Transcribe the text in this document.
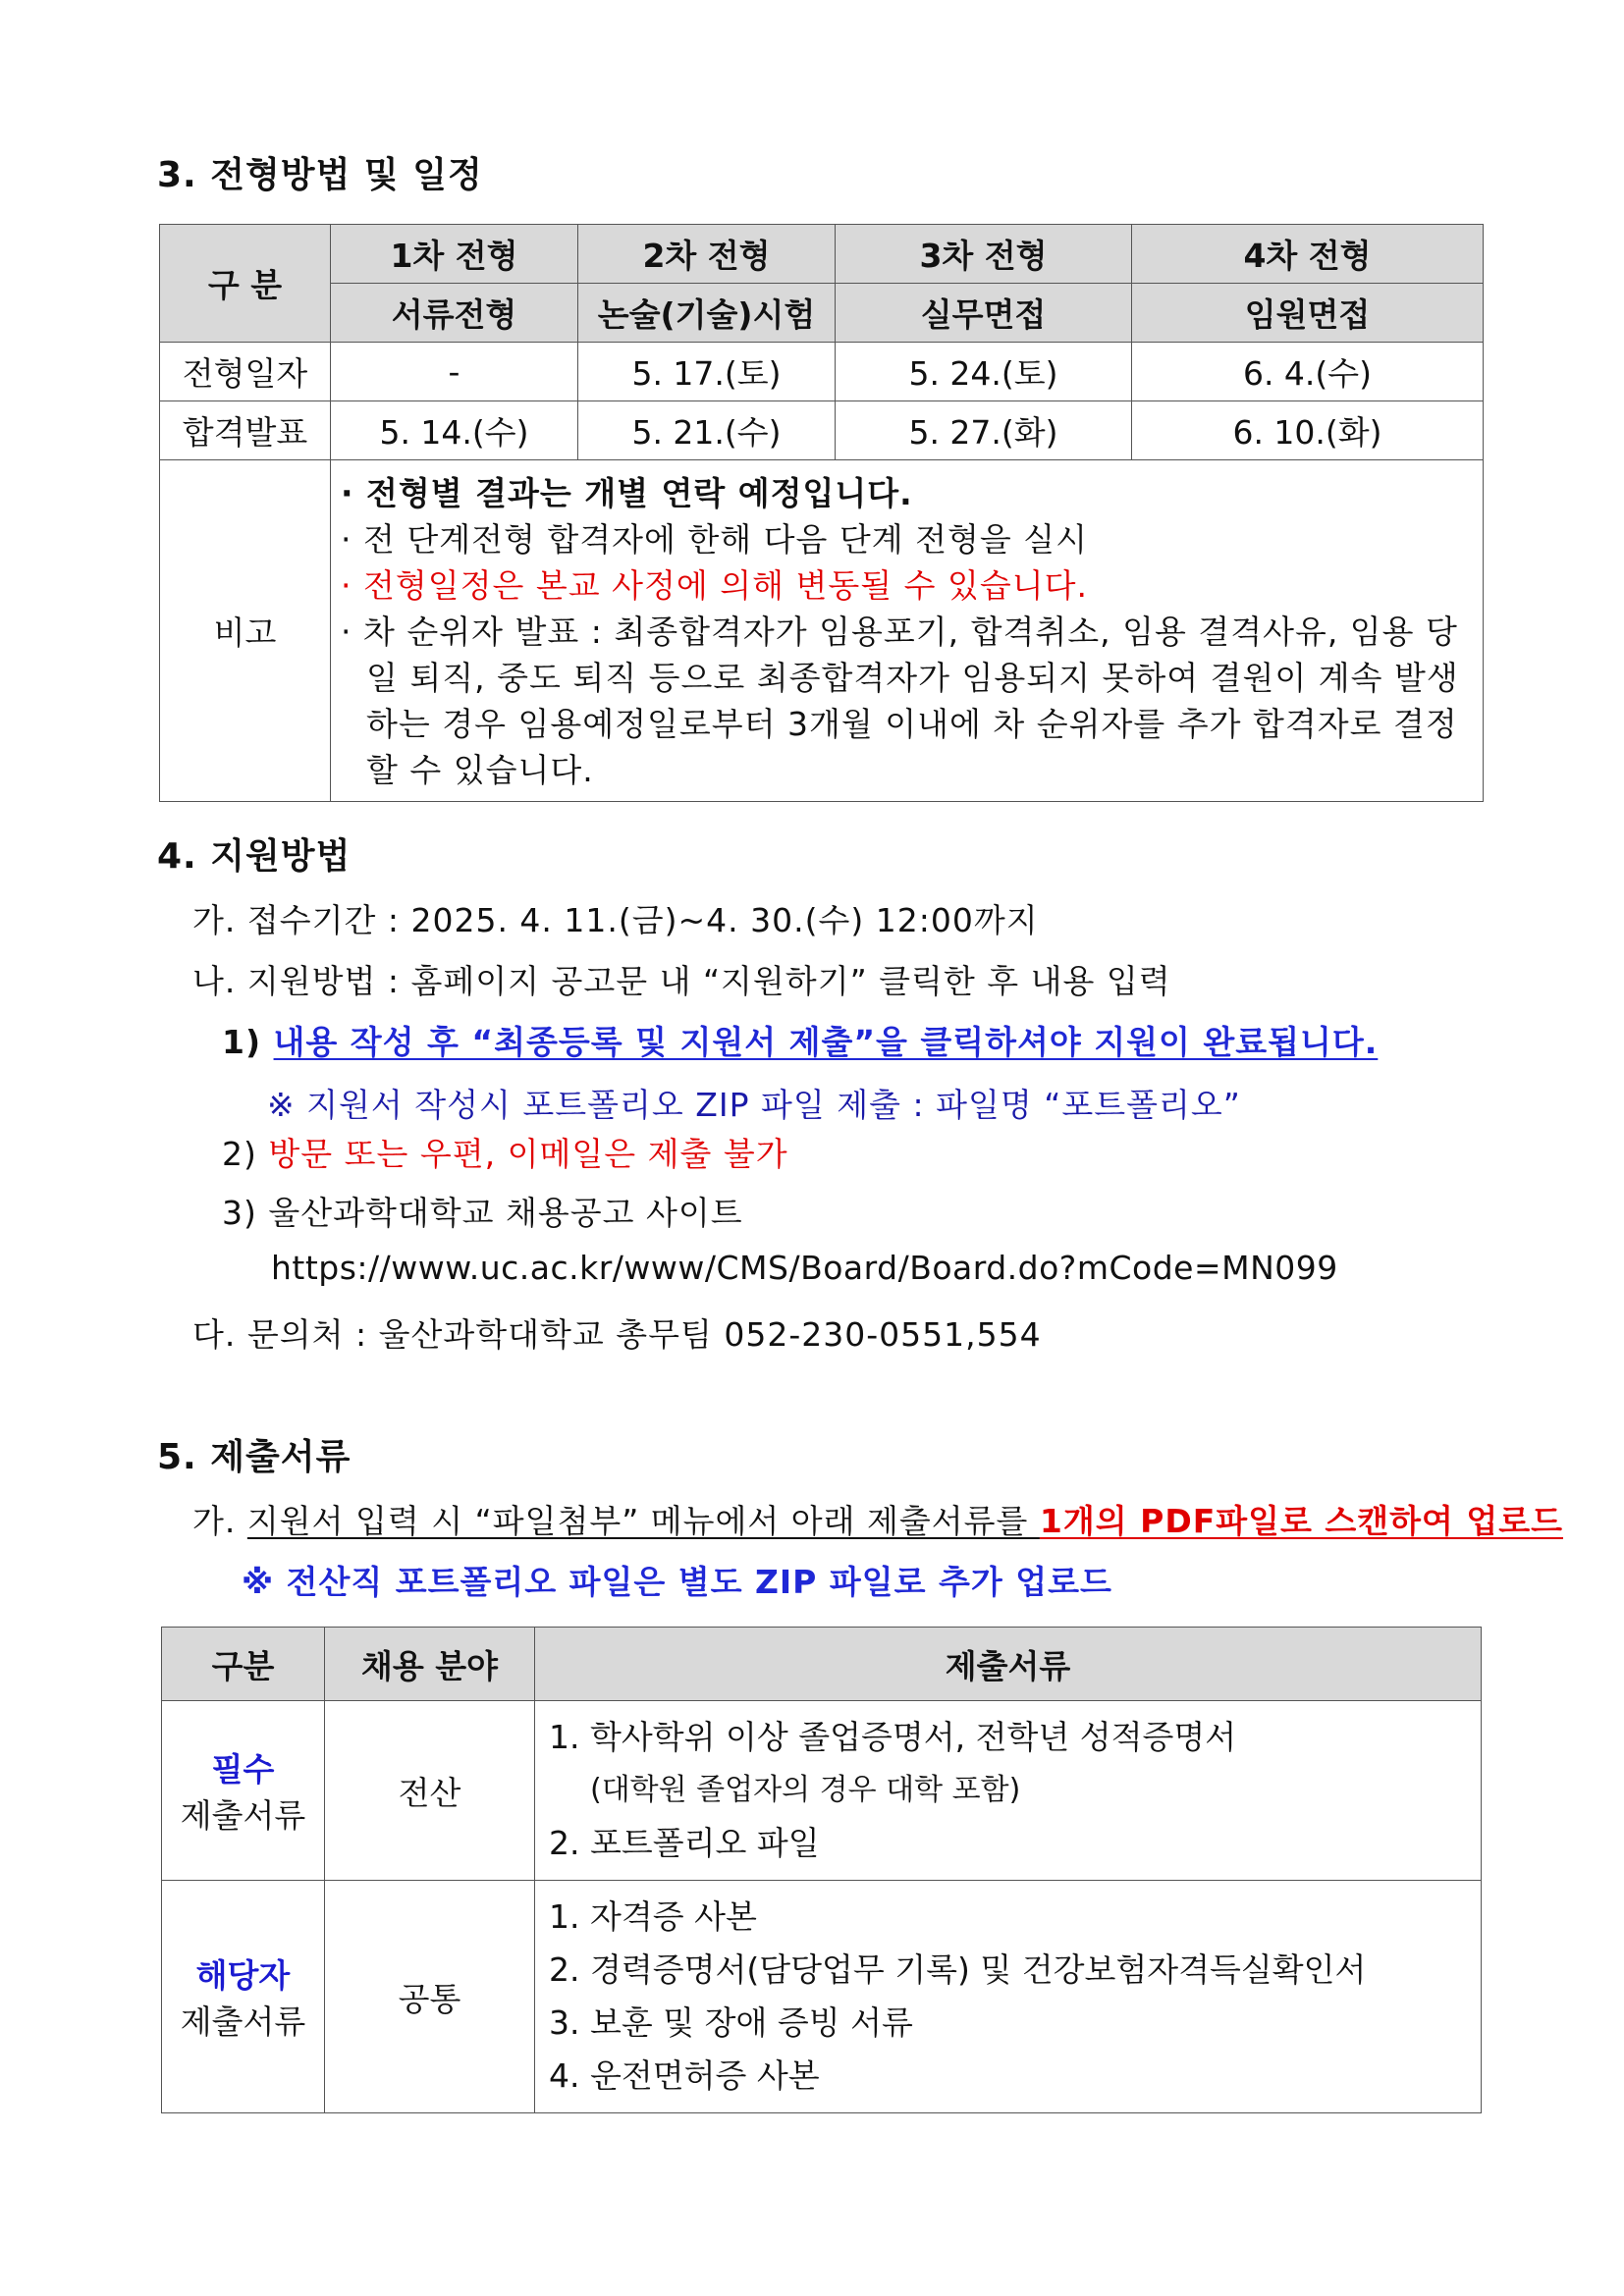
3. 전형방법 및 일정
구 분	1차 전형	2차 전형	3차 전형	4차 전형
	서류전형	논술(기술)시험	실무면접	임원면접
전형일자	-	5. 17.(토)	5. 24.(토)	6. 4.(수)
합격발표	5. 14.(수)	5. 21.(수)	5. 27.(화)	6. 10.(화)
비고	· 전형별 결과는 개별 연락 예정입니다.
· 전 단계전형 합격자에 한해 다음 단계 전형을 실시
· 전형일정은 본교 사정에 의해 변동될 수 있습니다.
· 차 순위자 발표 : 최종합격자가 임용포기, 합격취소, 임용 결격사유, 임용 당일 퇴직, 중도 퇴직 등으로 최종합격자가 임용되지 못하여 결원이 계속 발생하는 경우 임용예정일로부터 3개월 이내에 차 순위자를 추가 합격자로 결정할 수 있습니다.			
4. 지원방법
가. 접수기간 : 2025. 4. 11.(금)~4. 30.(수) 12:00까지
나. 지원방법 : 홈페이지 공고문 내 “지원하기” 클릭한 후 내용 입력
1) 내용 작성 후 “최종등록 및 지원서 제출”을 클릭하셔야 지원이 완료됩니다.
※ 지원서 작성시 포트폴리오 ZIP 파일 제출 : 파일명 “포트폴리오”
2) 방문 또는 우편, 이메일은 제출 불가
3) 울산과학대학교 채용공고 사이트
https://www.uc.ac.kr/www/CMS/Board/Board.do?mCode=MN099
다. 문의처 : 울산과학대학교 총무팀 052-230-0551,554
5. 제출서류
가. 지원서 입력 시 “파일첨부” 메뉴에서 아래 제출서류를 1개의 PDF파일로 스캔하여 업로드
※ 전산직 포트폴리오 파일은 별도 ZIP 파일로 추가 업로드
구분	채용 분야	제출서류

필수
제출서류	전산	1. 학사학위 이상 졸업증명서, 전학년 성적증명서
(대학원 졸업자의 경우 대학 포함)
2. 포트폴리오 파일

해당자
제출서류	공통	1. 자격증 사본
2. 경력증명서(담당업무 기록) 및 건강보험자격득실확인서
3. 보훈 및 장애 증빙 서류
4. 운전면허증 사본
